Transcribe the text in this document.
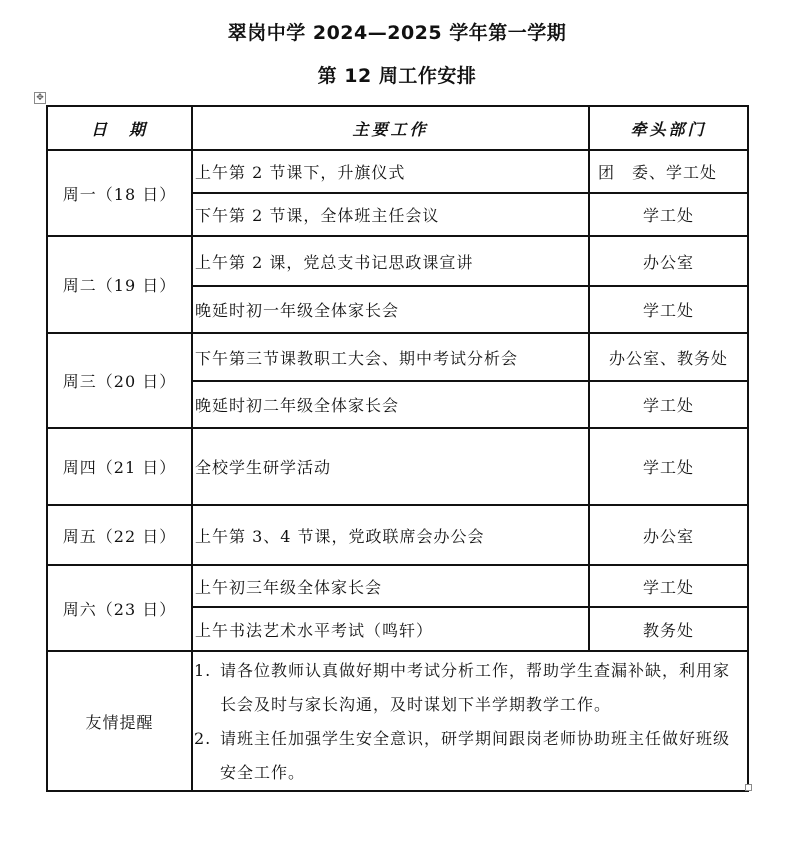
翠岗中学 2024—2025 学年第一学期
第 12 周工作安排
✥
日　期	主要工作	牵头部门
周一（18 日）	上午第 2 节课下，升旗仪式	团　委、学工处
	下午第 2 节课，全体班主任会议	学工处
周二（19 日）	上午第 2 课，党总支书记思政课宣讲	办公室
	晚延时初一年级全体家长会	学工处
周三（20 日）	下午第三节课教职工大会、期中考试分析会	办公室、教务处
	晚延时初二年级全体家长会	学工处
周四（21 日）	全校学生研学活动	学工处
周五（22 日）	上午第 3、4 节课，党政联席会办公会	办公室
周六（23 日）	上午初三年级全体家长会	学工处
	上午书法艺术水平考试（鸣轩）	教务处
友情提醒	1. 请各位教师认真做好期中考试分析工作，帮助学生查漏补缺，利用家长会及时与家长沟通，及时谋划下半学期教学工作。
2. 请班主任加强学生安全意识，研学期间跟岗老师协助班主任做好班级安全工作。	
